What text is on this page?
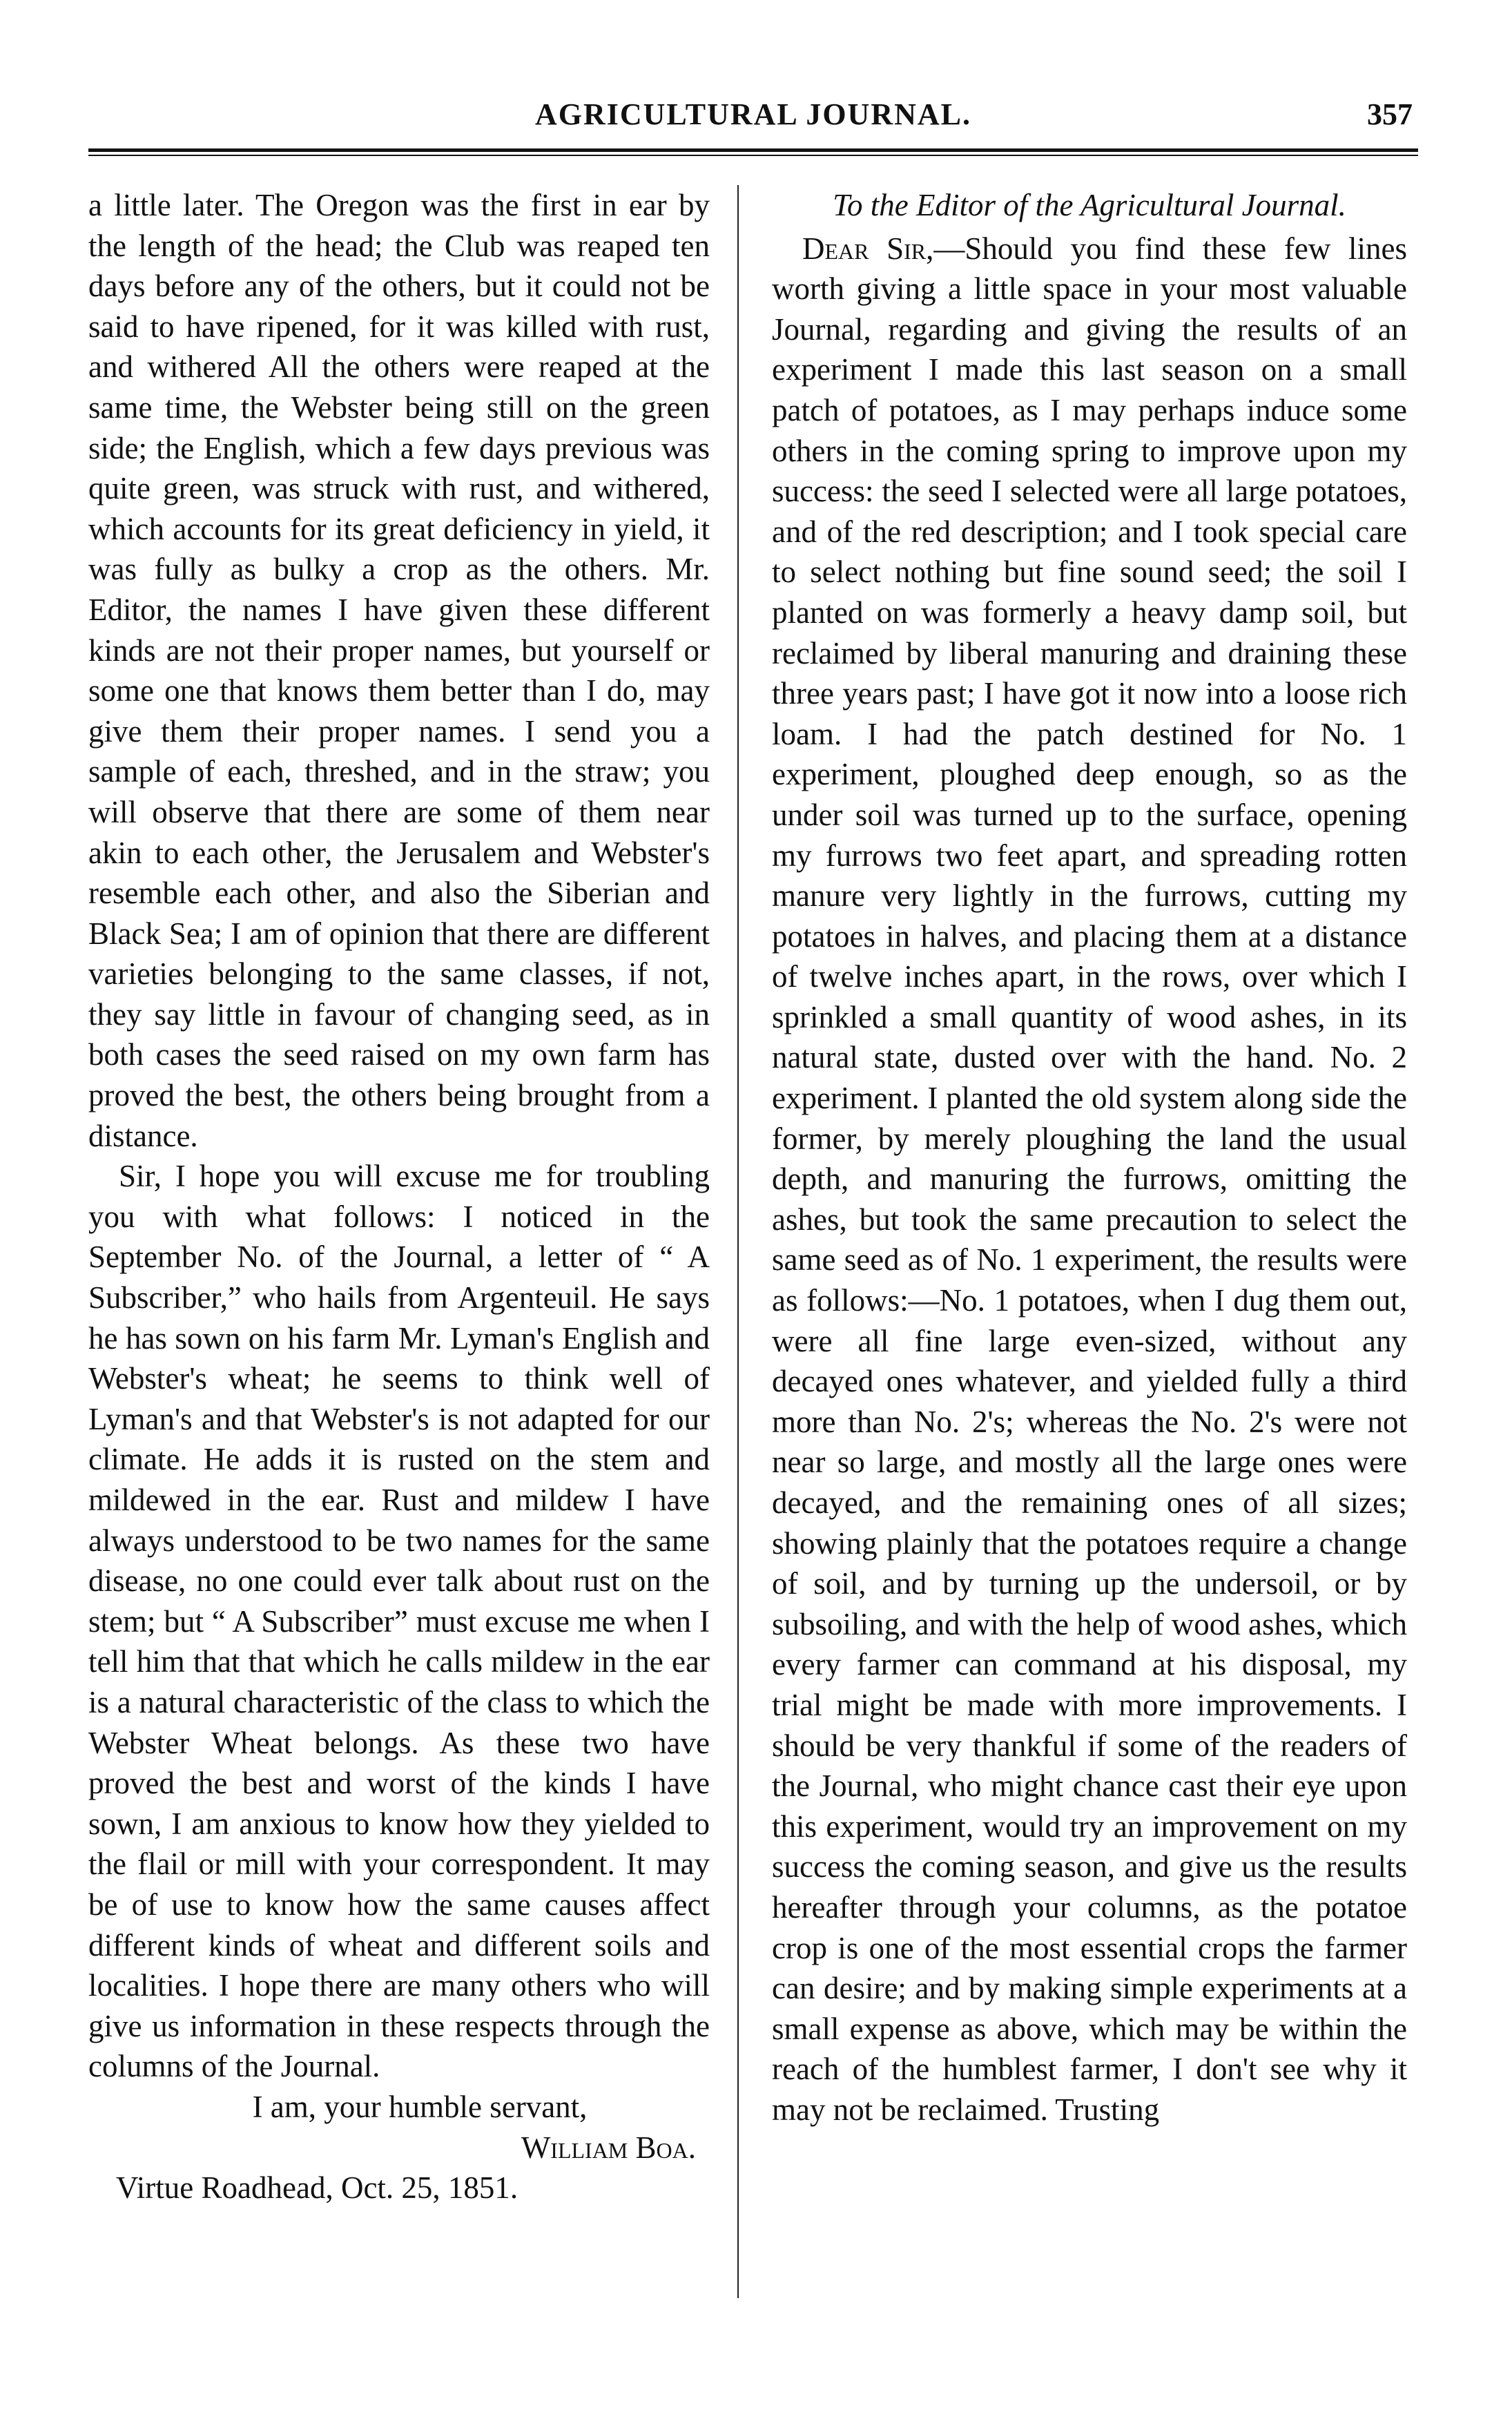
AGRICULTURAL JOURNAL.	357

a little later. The Oregon was the first in ear by the length of the head; the Club was reaped ten days before any of the others, but it could not be said to have ripened, for it was killed with rust, and withered All the others were reaped at the same time, the Webster being still on the green side; the English, which a few days previous was quite green, was struck with rust, and withered, which accounts for its great deficiency in yield, it was fully as bulky a crop as the others. Mr. Editor, the names I have given these different kinds are not their proper names, but yourself or some one that knows them better than I do, may give them their proper names. I send you a sample of each, threshed, and in the straw; you will observe that there are some of them near akin to each other, the Jerusalem and Webster's resemble each other, and also the Siberian and Black Sea; I am of opinion that there are different varieties belonging to the same classes, if not, they say little in favour of changing seed, as in both cases the seed raised on my own farm has proved the best, the others being brought from a distance.

Sir, I hope you will excuse me for troubling you with what follows: I noticed in the September No. of the Journal, a letter of “ A Subscriber,” who hails from Argenteuil. He says he has sown on his farm Mr. Lyman's English and Webster's wheat; he seems to think well of Lyman's and that Webster's is not adapted for our climate. He adds it is rusted on the stem and mildewed in the ear. Rust and mildew I have always understood to be two names for the same disease, no one could ever talk about rust on the stem; but “ A Subscriber” must excuse me when I tell him that that which he calls mildew in the ear is a natural characteristic of the class to which the Webster Wheat belongs. As these two have proved the best and worst of the kinds I have sown, I am anxious to know how they yielded to the flail or mill with your correspondent. It may be of use to know how the same causes affect different kinds of wheat and different soils and localities. I hope there are many others who will give us information in these respects through the columns of the Journal.

I am, your humble servant,

William Boa.

Virtue Roadhead, Oct. 25, 1851.

To the Editor of the Agricultural Journal.

Dear Sir,—Should you find these few lines worth giving a little space in your most valuable Journal, regarding and giving the results of an experiment I made this last season on a small patch of potatoes, as I may perhaps induce some others in the coming spring to improve upon my success: the seed I selected were all large potatoes, and of the red description; and I took special care to select nothing but fine sound seed; the soil I planted on was formerly a heavy damp soil, but reclaimed by liberal manuring and draining these three years past; I have got it now into a loose rich loam. I had the patch destined for No. 1 experiment, ploughed deep enough, so as the under soil was turned up to the surface, opening my furrows two feet apart, and spreading rotten manure very lightly in the furrows, cutting my potatoes in halves, and placing them at a distance of twelve inches apart, in the rows, over which I sprinkled a small quantity of wood ashes, in its natural state, dusted over with the hand. No. 2 experiment. I planted the old system along side the former, by merely ploughing the land the usual depth, and manuring the furrows, omitting the ashes, but took the same precaution to select the same seed as of No. 1 experiment, the results were as follows:—No. 1 potatoes, when I dug them out, were all fine large even-sized, without any decayed ones whatever, and yielded fully a third more than No. 2's; whereas the No. 2's were not near so large, and mostly all the large ones were decayed, and the remaining ones of all sizes; showing plainly that the potatoes require a change of soil, and by turning up the undersoil, or by subsoiling, and with the help of wood ashes, which every farmer can command at his disposal, my trial might be made with more improvements. I should be very thankful if some of the readers of the Journal, who might chance cast their eye upon this experiment, would try an improvement on my success the coming season, and give us the results hereafter through your columns, as the potatoe crop is one of the most essential crops the farmer can desire; and by making simple experiments at a small expense as above, which may be within the reach of the humblest farmer, I don't see why it may not be reclaimed. Trusting
